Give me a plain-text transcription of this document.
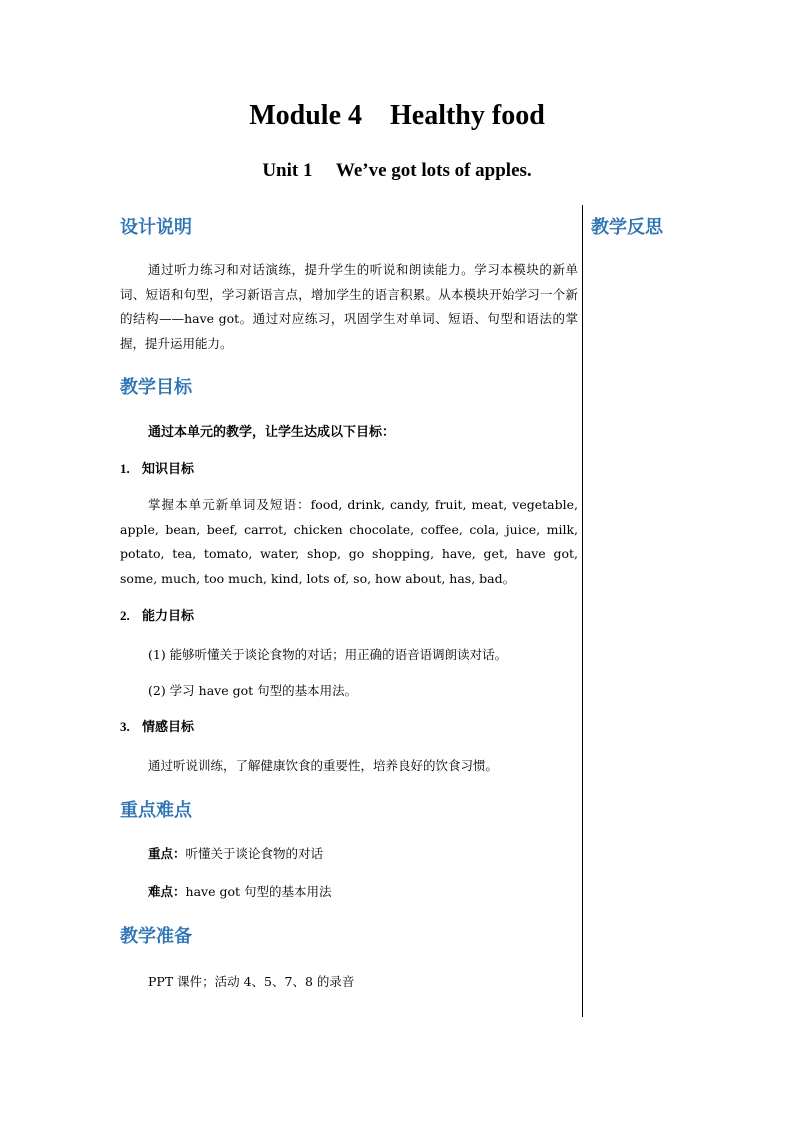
Module 4    Healthy food
Unit 1     We’ve got lots of apples.
教学反思
设计说明

通过听力练习和对话演练，提升学生的听说和朗读能力。学习本模块的新单词、短语和句型，学习新语言点，增加学生的语言积累。从本模块开始学习一个新的结构——have got。通过对应练习，巩固学生对单词、短语、句型和语法的掌握，提升运用能力。

教学目标
通过本单元的教学，让学生达成以下目标：
1. 知识目标

掌握本单元新单词及短语：food, drink, candy, fruit, meat, vegetable, apple, bean, beef, carrot, chicken chocolate, coffee, cola, juice, milk, potato, tea, tomato, water, shop, go shopping, have, get, have got, some, much, too much, kind, lots of, so, how about, has, bad。

2. 能力目标
(1) 能够听懂关于谈论食物的对话；用正确的语音语调朗读对话。
(2) 学习 have got 句型的基本用法。
3. 情感目标
通过听说训练，了解健康饮食的重要性，培养良好的饮食习惯。
重点难点
重点：听懂关于谈论食物的对话
难点：have got 句型的基本用法
教学准备
PPT 课件；活动 4、5、7、8 的录音
